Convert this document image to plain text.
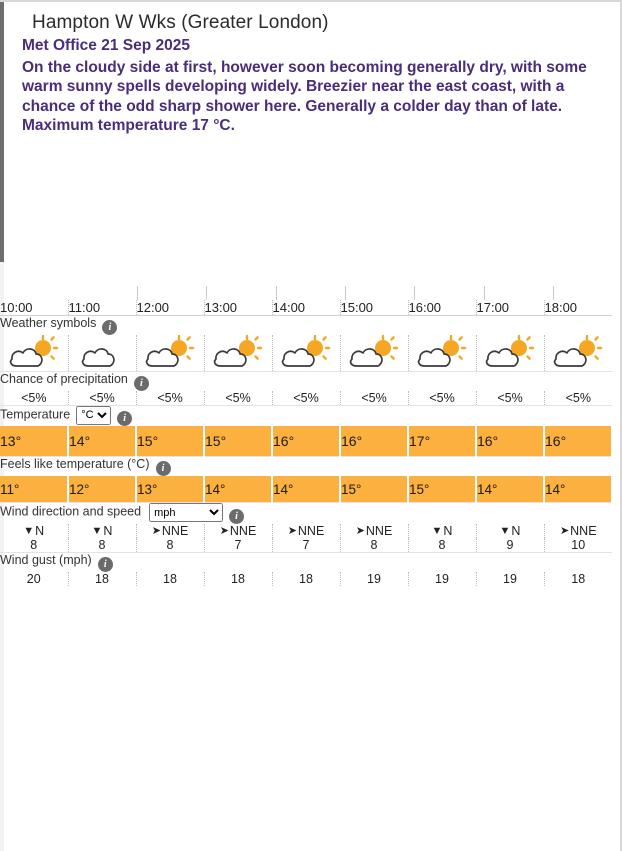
Hampton W Wks (Greater London)
Met Office 21 Sep 2025
On the cloudy side at first, however soon becoming generally dry, with some warm sunny spells developing widely. Breezier near the east coast, with a chance of the odd sharp shower here. Generally a colder day than of late. Maximum temperature 17 °C.
10:00	11:00	12:00	13:00	14:00	15:00	16:00	17:00	18:00
Weather symbols i								

Chance of precipitation i								
<5%	<5%	<5%	<5%	<5%	<5%	<5%	<5%	<5%
Temperature
°C i
13°	14°	15°	15°	16°	16°	17°	16°	16°
Feels like temperature (°C) i								
11°	12°	13°	14°	14°	15°	15°	14°	14°
Wind direction and speed
mph i
▼N	▼N	➤NNE	➤NNE	➤NNE	➤NNE	▼N	▼N	➤NNE
8	8	8	7	7	8	8	9	10
Wind gust (mph) i								
20	18	18	18	18	19	19	19	18
